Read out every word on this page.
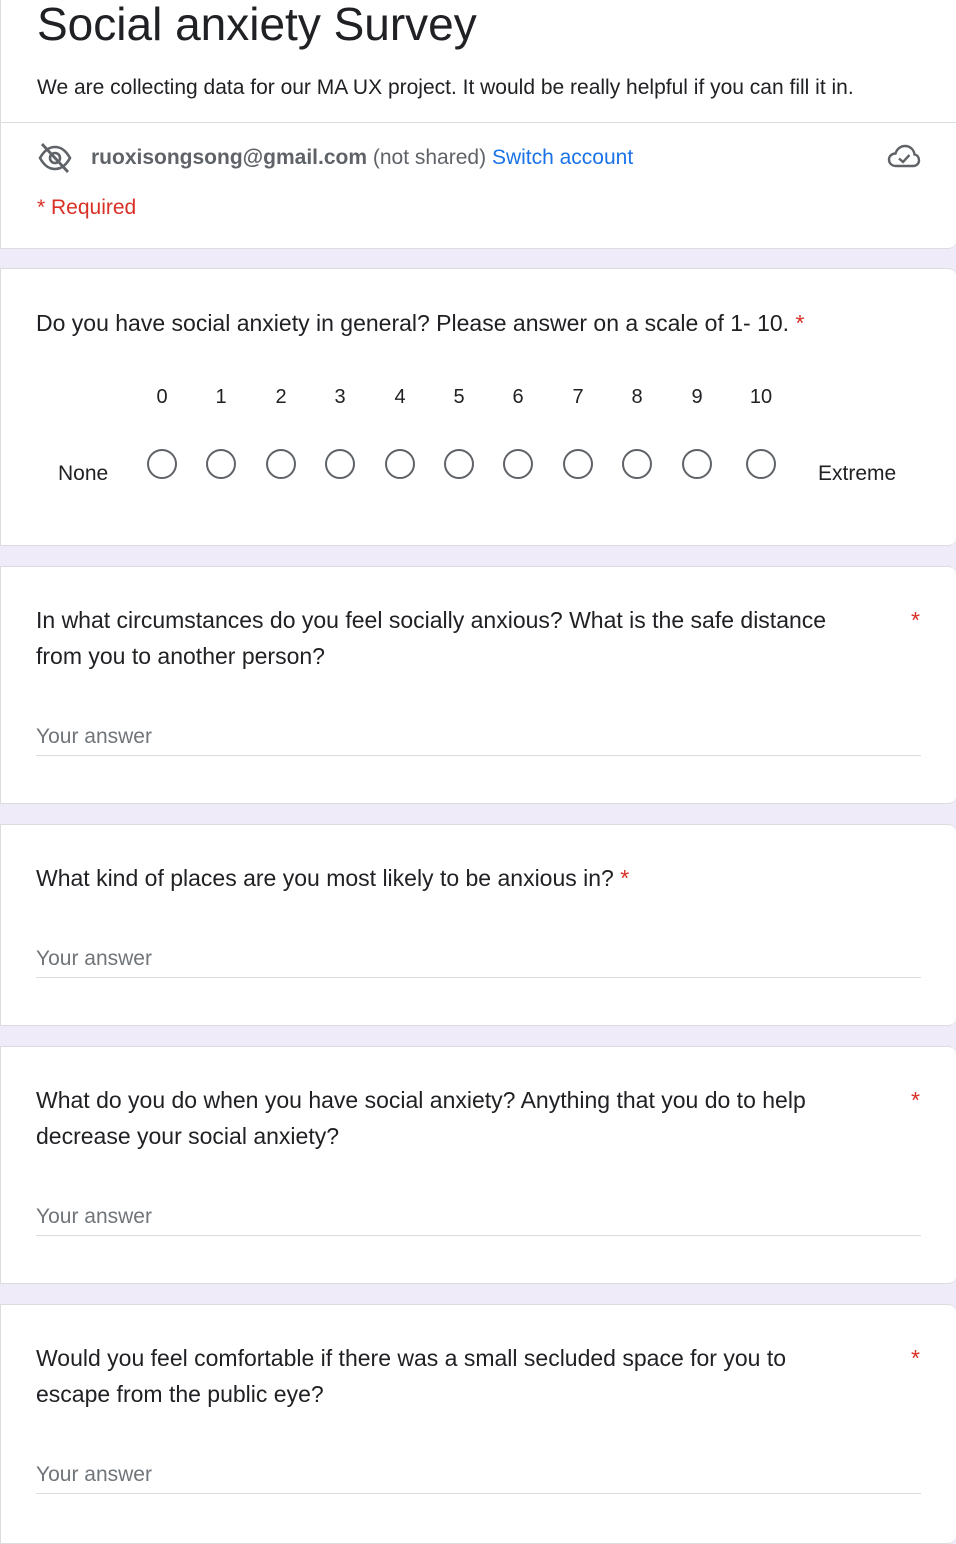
Social anxiety Survey
We are collecting data for our MA UX project. It would be really helpful if you can fill it in.
ruoxisongsong@gmail.com (not shared) Switch account
* Required
Do you have social anxiety in general? Please answer on a scale of 1- 10. *
0	1	2	3	4	5	6	7	8	9	10
None	Extreme
In what circumstances do you feel socially anxious? What is the safe distance
from you to another person?
*
Your answer
What kind of places are you most likely to be anxious in? *
Your answer
What do you do when you have social anxiety? Anything that you do to help
decrease your social anxiety?
*
Your answer
Would you feel comfortable if there was a small secluded space for you to
escape from the public eye?
*
Your answer
